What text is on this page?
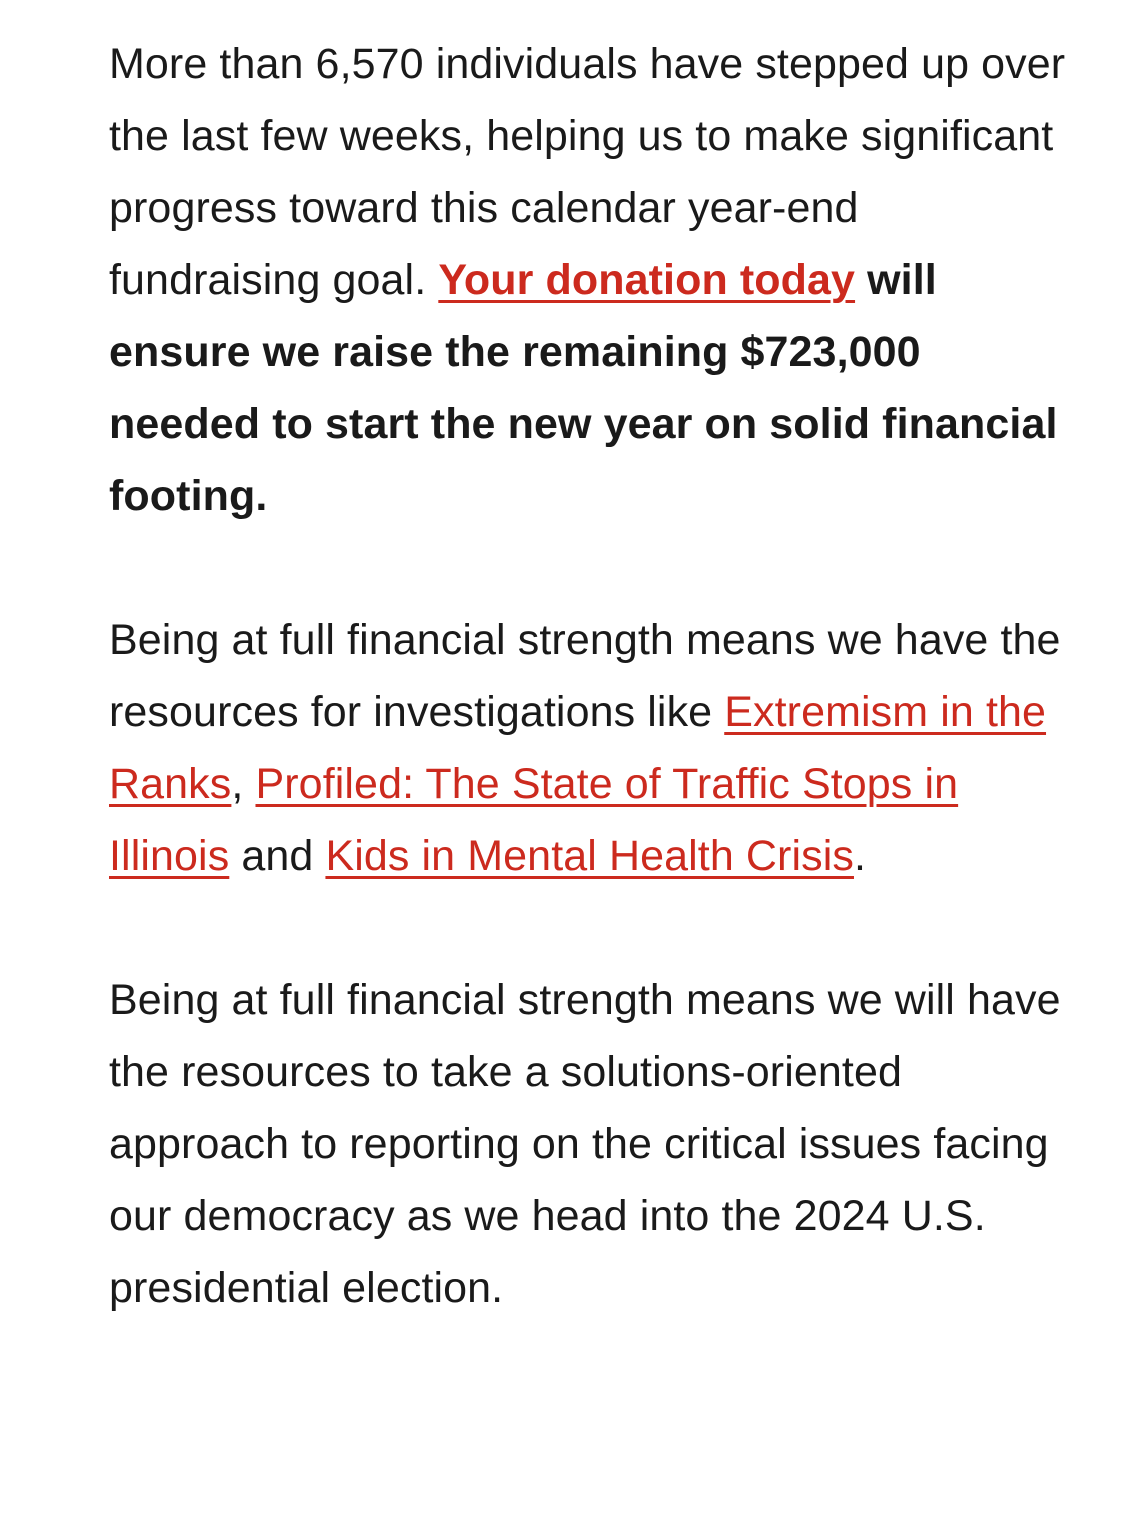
More than 6,570 individuals have stepped up over the last few weeks, helping us to make significant progress toward this calendar year-end fundraising goal. Your donation today will ensure we raise the remaining $723,000 needed to start the new year on solid financial footing.

Being at full financial strength means we have the resources for investigations like Extremism in the Ranks, Profiled: The State of Traffic Stops in Illinois and Kids in Mental Health Crisis.

Being at full financial strength means we will have the resources to take a solutions-oriented approach to reporting on the critical issues facing our democracy as we head into the 2024 U.S. presidential election.
